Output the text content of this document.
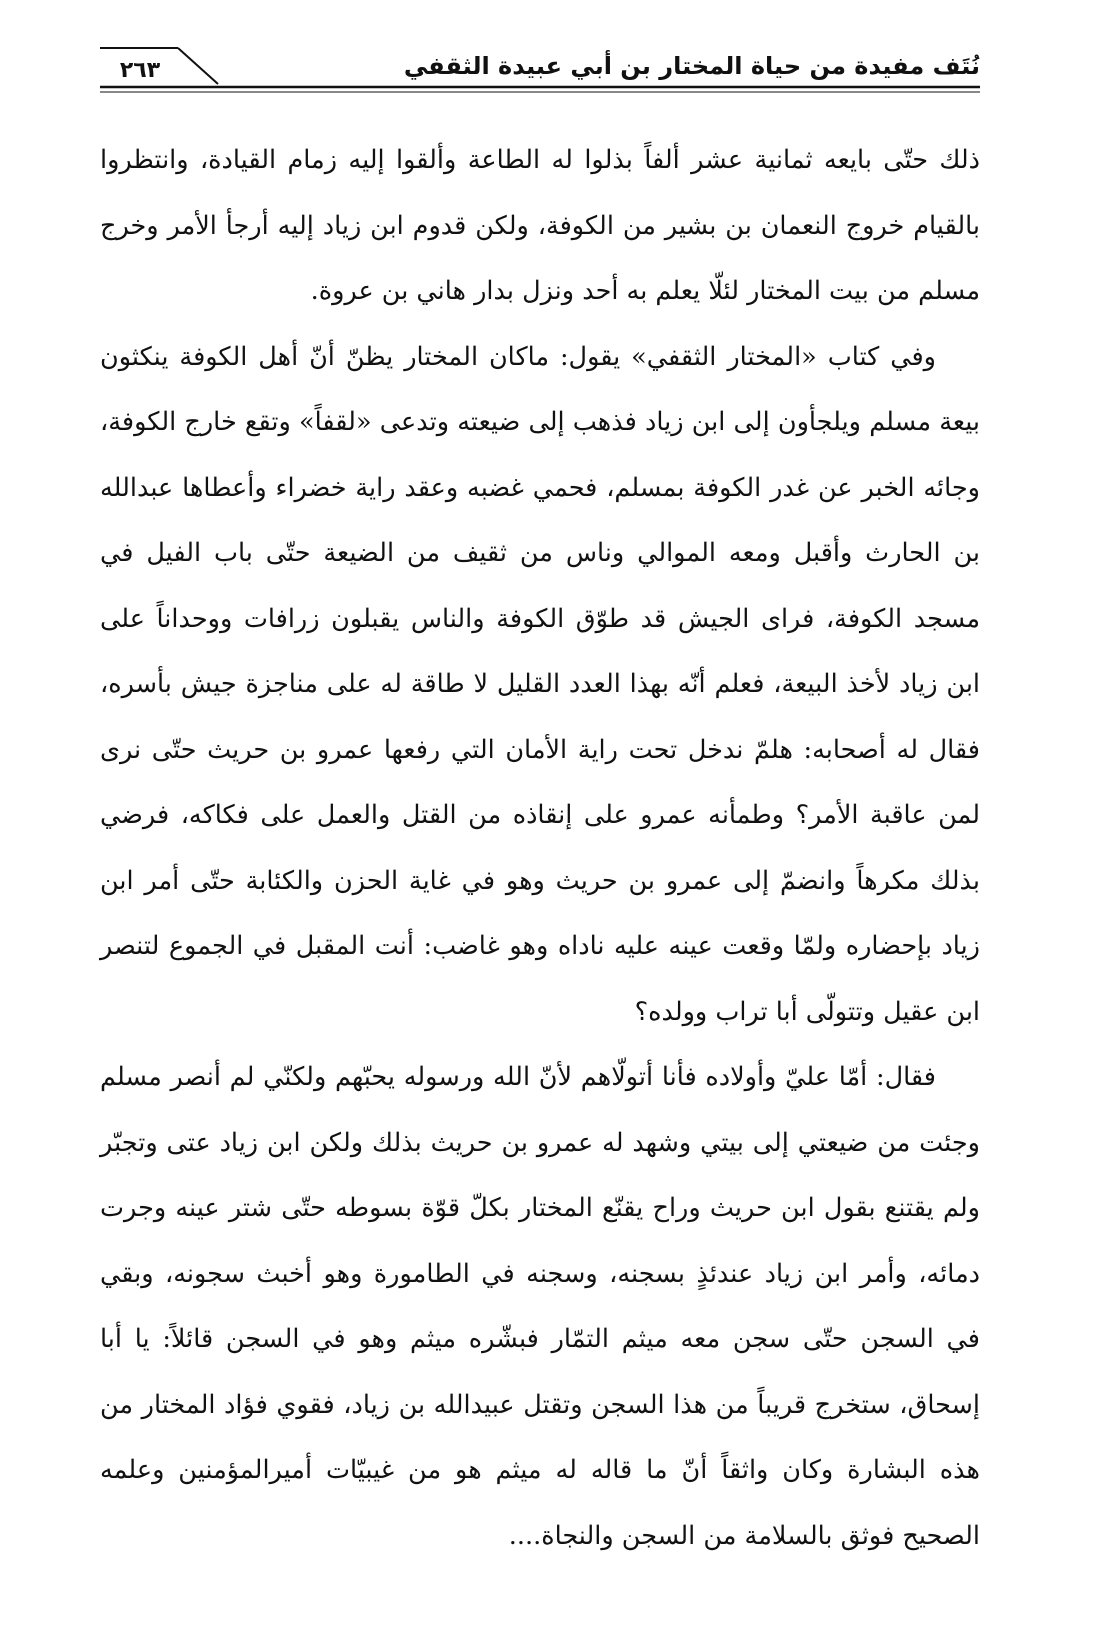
٢٦٣	نُتَف مفيدة من حياة المختار بن أبي عبيدة الثقفي

ذلك حتّى بايعه ثمانية عشر ألفاً بذلوا له الطاعة وألقوا إليه زمام القيادة، وانتظروا بالقيام خروج النعمان بن بشير من الكوفة، ولكن قدوم ابن زياد إليه أرجأ الأمر وخرج مسلم من بيت المختار لئلّا يعلم به أحد ونزل بدار هاني بن عروة.

وفي كتاب «المختار الثقفي» يقول: ماكان المختار يظنّ أنّ أهل الكوفة ينكثون بيعة مسلم ويلجأون إلى ابن زياد فذهب إلى ضيعته وتدعى «لقفاً» وتقع خارج الكوفة، وجائه الخبر عن غدر الكوفة بمسلم، فحمي غضبه وعقد راية خضراء وأعطاها عبدالله بن الحارث وأقبل ومعه الموالي وناس من ثقيف من الضيعة حتّى باب الفيل في مسجد الكوفة، فراى الجيش قد طوّق الكوفة والناس يقبلون زرافات ووحداناً على ابن زياد لأخذ البيعة، فعلم أنّه بهذا العدد القليل لا طاقة له على مناجزة جيش بأسره، فقال له أصحابه: هلمّ ندخل تحت راية الأمان التي رفعها عمرو بن حريث حتّى نرى لمن عاقبة الأمر؟ وطمأنه عمرو على إنقاذه من القتل والعمل على فكاكه، فرضي بذلك مكرهاً وانضمّ إلى عمرو بن حريث وهو في غاية الحزن والكئابة حتّى أمر ابن زياد بإحضاره ولمّا وقعت عينه عليه ناداه وهو غاضب: أنت المقبل في الجموع لتنصر ابن عقيل وتتولّى أبا تراب وولده؟

فقال: أمّا عليّ وأولاده فأنا أتولّاهم لأنّ الله ورسوله يحبّهم ولكنّي لم أنصر مسلم وجئت من ضيعتي إلى بيتي وشهد له عمرو بن حريث بذلك ولكن ابن زياد عتى وتجبّر ولم يقتنع بقول ابن حريث وراح يقنّع المختار بكلّ قوّة بسوطه حتّى شتر عينه وجرت دمائه، وأمر ابن زياد عندئذٍ بسجنه، وسجنه في الطامورة وهو أخبث سجونه، وبقي في السجن حتّى سجن معه ميثم التمّار فبشّره ميثم وهو في السجن قائلاً: يا أبا إسحاق، ستخرج قريباً من هذا السجن وتقتل عبيدالله بن زياد، فقوي فؤاد المختار من هذه البشارة وكان واثقاً أنّ ما قاله له ميثم هو من غيبيّات أميرالمؤمنين وعلمه الصحيح فوثق بالسلامة من السجن والنجاة....
